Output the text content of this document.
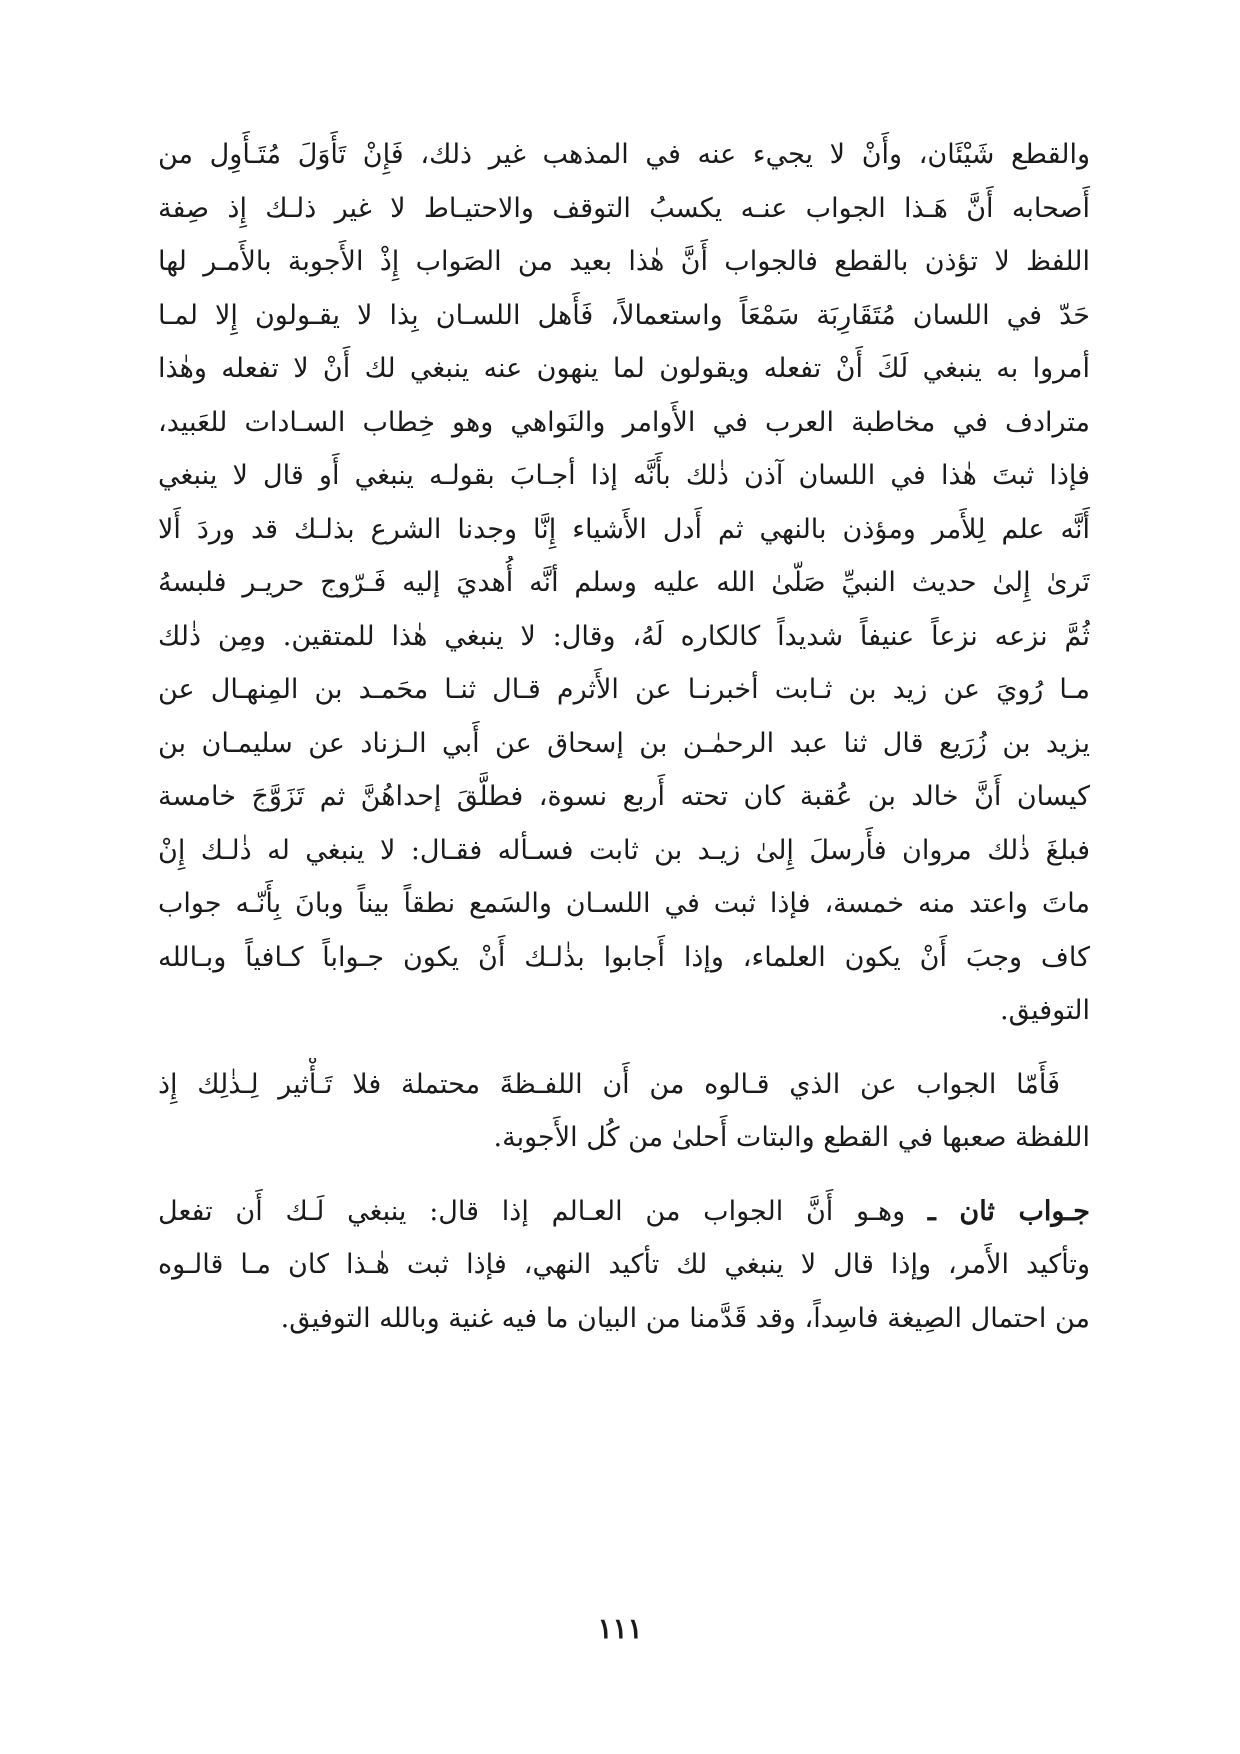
والقطع شَيْئَان، وأَنْ لا يجيء عنه في المذهب غير ذلك، فَإِنْ تَأَوَلَ مُتَـأَوِل من
أَصحابه أَنَّ هَـذا الجواب عنـه يكسبُ التوقف والاحتيـاط لا غير ذلـك إِذ صِفة
اللفظ لا تؤذن بالقطع فالجواب أَنَّ هٰذا بعيد من الصَواب إِذْ الأَجوبة بالأَمـر لها
حَدّ في اللسان مُتَقَارِبَة سَمْعَاً واستعمالاً، فَأَهل اللسـان بِذا لا يقـولون إِلا لمـا
أمروا به ينبغي لَكَ أَنْ تفعله ويقولون لما ينهون عنه ينبغي لك أَنْ لا تفعله وهٰذا
مترادف في مخاطبة العرب في الأَوامر والنَواهي وهو خِطاب السـادات للعَبيد،
فإذا ثبتَ هٰذا في اللسان آذن ذٰلك بأَنَّه إذا أجـابَ بقولـه ينبغي أَو قال لا ينبغي
أَنَّه علم لِلأَمر ومؤذن بالنهي ثم أَدل الأَشياء إِنَّا وجدنا الشرع بذلـك قد وردَ أَلا
تَرىٰ إِلىٰ حديث النبيِّ صَلّىٰ الله عليه وسلم أنَّه أُهديَ إليه فَـرّوج حريـر فلبسهُ
ثُمَّ نزعه نزعاً عنيفاً شديداً كالكاره لَهُ، وقال: لا ينبغي هٰذا للمتقين. ومِن ذٰلك
مـا رُويَ عن زيد بن ثـابت أخبرنـا عن الأَثرم قـال ثنـا محَمـد بن المِنهـال عن
يزيد بن زُرَيع قال ثنا عبد الرحمٰـن بن إسحاق عن أَبي الـزناد عن سليمـان بن
كيسان أَنَّ خالد بن عُقبة كان تحته أَربع نسوة، فطلَّقَ إحداهُنَّ ثم تَزَوَّجَ خامسة
فبلغَ ذٰلك مروان فأَرسلَ إِلىٰ زيـد بن ثابت فسـأله فقـال: لا ينبغي له ذٰلـك إِنْ
ماتَ واعتد منه خمسة، فإذا ثبت في اللسـان والسَمع نطقاً بيناً وبانَ بِأَنّـه جواب
كاف وجبَ أَنْ يكون العلماء، وإذا أَجابوا بذٰلـك أَنْ يكون جـواباً كـافياً وبـالله
التوفيق.
فَأَمّا الجواب عن الذي قـالوه من أَن اللفـظةَ محتملة فلا تَـأْثير لِـذٰلِك إِذ
اللفظة صعبها في القطع والبتات أَحلىٰ من كُل الأَجوبة.
جـواب ثان ـ وهـو أَنَّ الجواب من العـالم إذا قال: ينبغي لَـك أَن تفعل
وتأكيد الأَمر، وإذا قال لا ينبغي لك تأكيد النهي، فإذا ثبت هٰـذا كان مـا قالـوه
من احتمال الصِيغة فاسِداً، وقد قَدَّمنا من البيان ما فيه غنية وبالله التوفيق.
١١١
